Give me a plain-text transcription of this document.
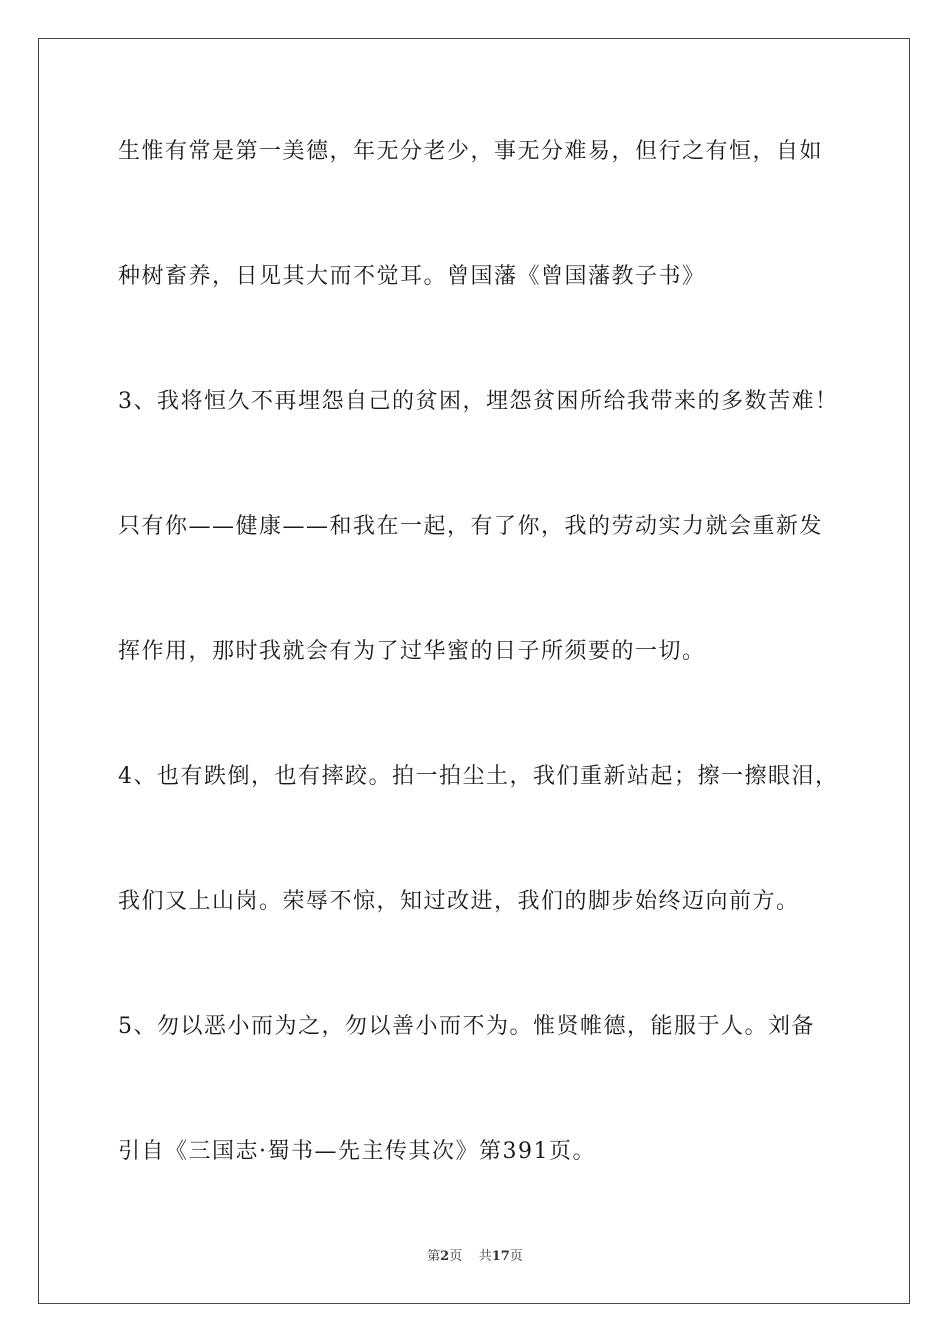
生惟有常是第一美德，年无分老少，事无分难易，但行之有恒，自如
种树畜养，日见其大而不觉耳。曾国藩《曾国藩教子书》
3、我将恒久不再埋怨自己的贫困，埋怨贫困所给我带来的多数苦难！
只有你——健康——和我在一起，有了你，我的劳动实力就会重新发
挥作用，那时我就会有为了过华蜜的日子所须要的一切。
4、也有跌倒，也有摔跤。拍一拍尘土，我们重新站起；擦一擦眼泪，
我们又上山岗。荣辱不惊，知过改进，我们的脚步始终迈向前方。
5、勿以恶小而为之，勿以善小而不为。惟贤帷德，能服于人。刘备
引自《三国志·蜀书—先主传其次》第391页。
第2页 共17页
